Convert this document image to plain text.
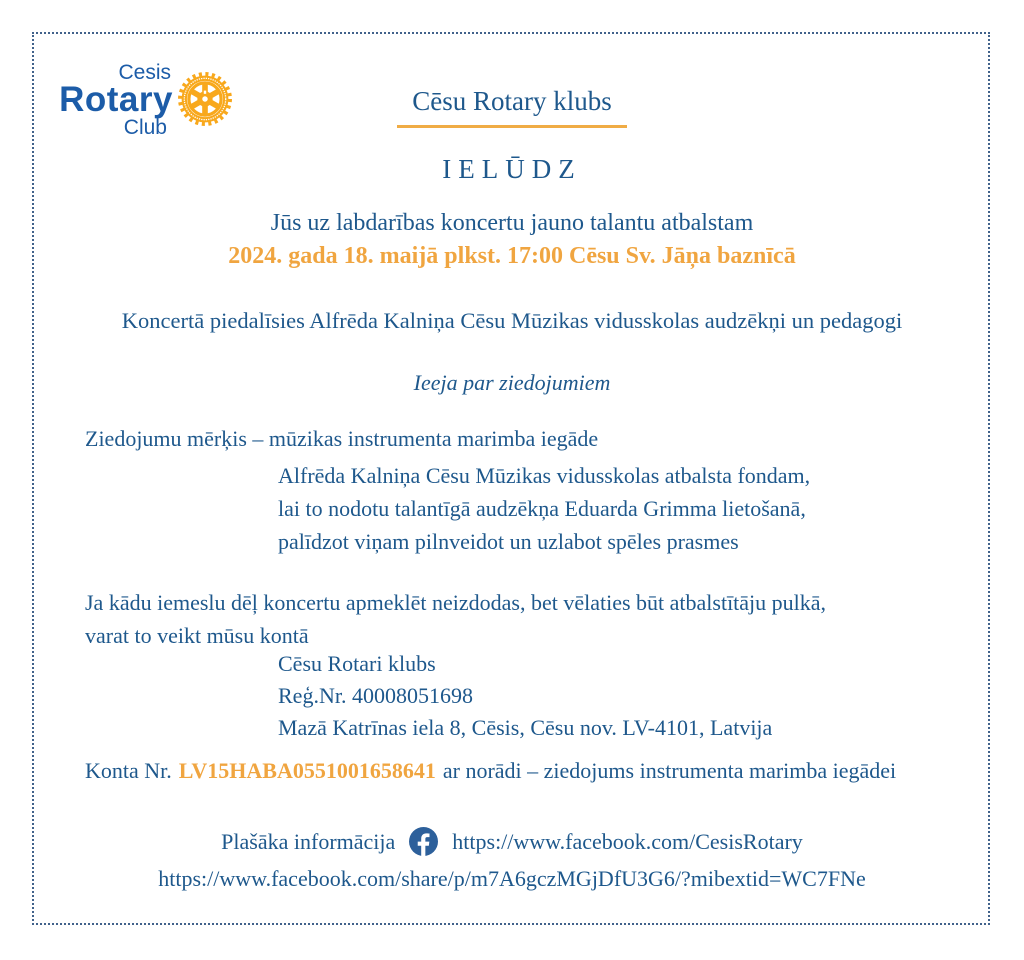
Cesis
Rotary
Club
Cēsu Rotary klubs
IELŪDZ
Jūs uz labdarības koncertu jauno talantu atbalstam
2024. gada 18. maijā plkst. 17:00 Cēsu Sv. Jāņa baznīcā
Koncertā piedalīsies Alfrēda Kalniņa Cēsu Mūzikas vidusskolas audzēkņi un pedagogi
Ieeja par ziedojumiem
Ziedojumu mērķis – mūzikas instrumenta marimba iegāde
Alfrēda Kalniņa Cēsu Mūzikas vidusskolas atbalsta fondam,
lai to nodotu talantīgā audzēkņa Eduarda Grimma lietošanā,
palīdzot viņam pilnveidot un uzlabot spēles prasmes
Ja kādu iemeslu dēļ koncertu apmeklēt neizdodas, bet vēlaties būt atbalstītāju pulkā,
varat to veikt mūsu kontā
Cēsu Rotari klubs
Reģ.Nr. 40008051698
Mazā Katrīnas iela 8, Cēsis, Cēsu nov. LV-4101, Latvija
Konta Nr. LV15HABA0551001658641 ar norādi – ziedojums instrumenta marimba iegādei
Plašāka informācija	https://www.facebook.com/CesisRotary
https://www.facebook.com/share/p/m7A6gczMGjDfU3G6/?mibextid=WC7FNe
